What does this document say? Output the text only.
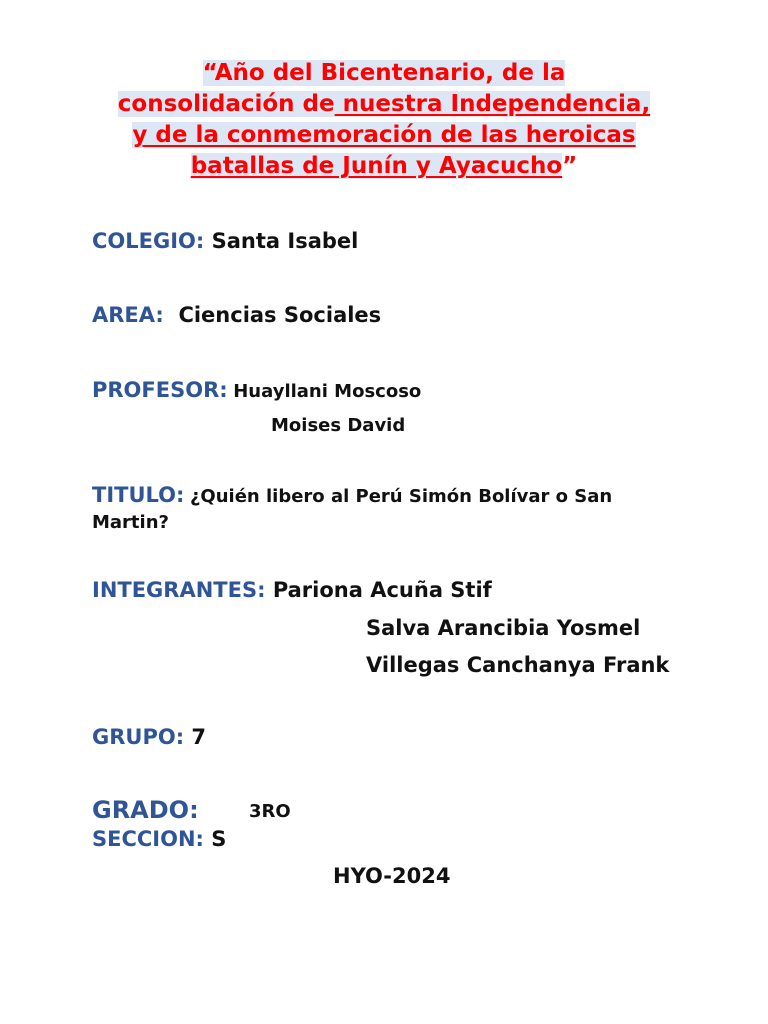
“Año del Bicentenario, de la
consolidación de nuestra Independencia,
y de la conmemoración de las heroicas
batallas de Junín y Ayacucho”
COLEGIO: Santa Isabel
AREA: Ciencias Sociales
PROFESOR: Huayllani Moscoso
Moises David
TITULO: ¿Quién libero al Perú Simón Bolívar o San
Martin?
INTEGRANTES: Pariona Acuña Stif
Salva Arancibia Yosmel
Villegas Canchanya Frank
GRUPO: 7
GRADO:	3RO
SECCION: S
HYO-2024
